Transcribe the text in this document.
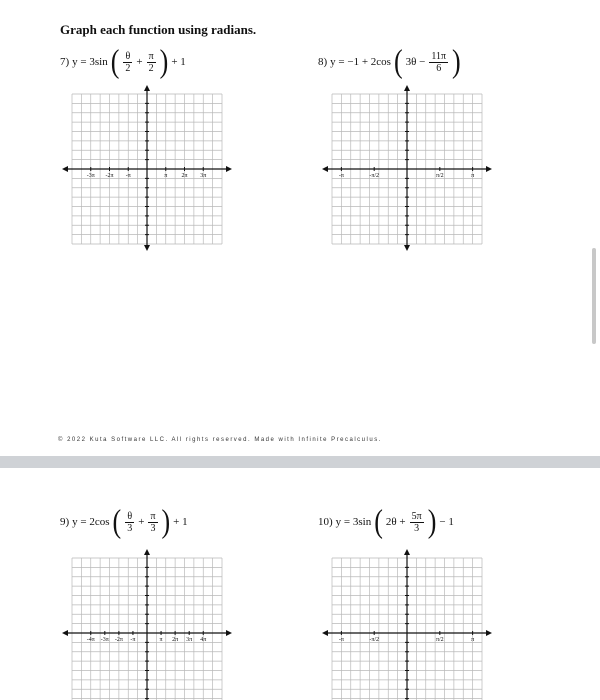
Graph each function using radians.
7) y = 3sin ( $\frac{\theta}{2} + \frac{\pi}{2}$ ) + 1	8) y = −1 + 2cos ( $3\theta - \frac{11\pi}{6}$ )
-3π -2π -π	π 2π 3π	-π	-π/2	π/2	π
© 2022 Kuta Software LLC. All rights reserved. Made with Infinite Precalculus.
9) y = 2cos ( $\frac{\theta}{3} + \frac{\pi}{3}$ ) + 1	10) y = 3sin ( $2\theta + \frac{5\pi}{3}$ ) − 1
-4π -3π -2π -π	π 2π 3π 4π	-π	-π/2	π/2	π
